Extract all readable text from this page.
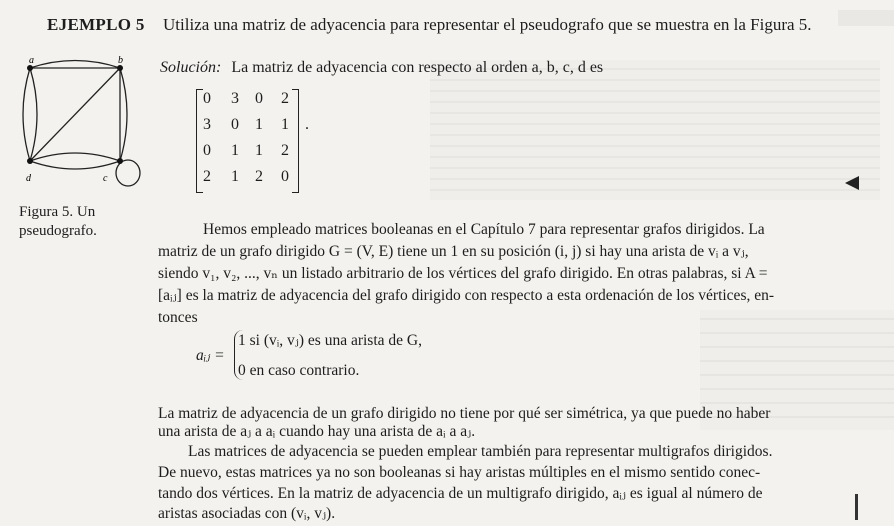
EJEMPLO 5 Utiliza una matriz de adyacencia para representar el pseudografo que se muestra en la Figura 5.
a	b
c
d
Figura 5. Un pseudografo.
Solución: La matriz de adyacencia con respecto al orden a, b, c, d es
0 3 0 2
3 0 1 1
0 1 1 2
2 1 2 0
.
Hemos empleado matrices booleanas en el Capítulo 7 para representar grafos dirigidos. La
matriz de un grafo dirigido G = (V, E) tiene un 1 en su posición (i, j) si hay una arista de vᵢ a vⱼ,
siendo v₁, v₂, ..., vₙ un listado arbitrario de los vértices del grafo dirigido. En otras palabras, si A =
[aᵢⱼ] es la matriz de adyacencia del grafo dirigido con respecto a esta ordenación de los vértices, en-
tonces
aᵢⱼ =
1 si (vᵢ, vⱼ) es una arista de G,
0 en caso contrario.
La matriz de adyacencia de un grafo dirigido no tiene por qué ser simétrica, ya que puede no haber
una arista de aⱼ a aᵢ cuando hay una arista de aᵢ a aⱼ.
Las matrices de adyacencia se pueden emplear también para representar multigrafos dirigidos.
De nuevo, estas matrices ya no son booleanas si hay aristas múltiples en el mismo sentido conec-
tando dos vértices. En la matriz de adyacencia de un multigrafo dirigido, aᵢⱼ es igual al número de
aristas asociadas con (vᵢ, vⱼ).
